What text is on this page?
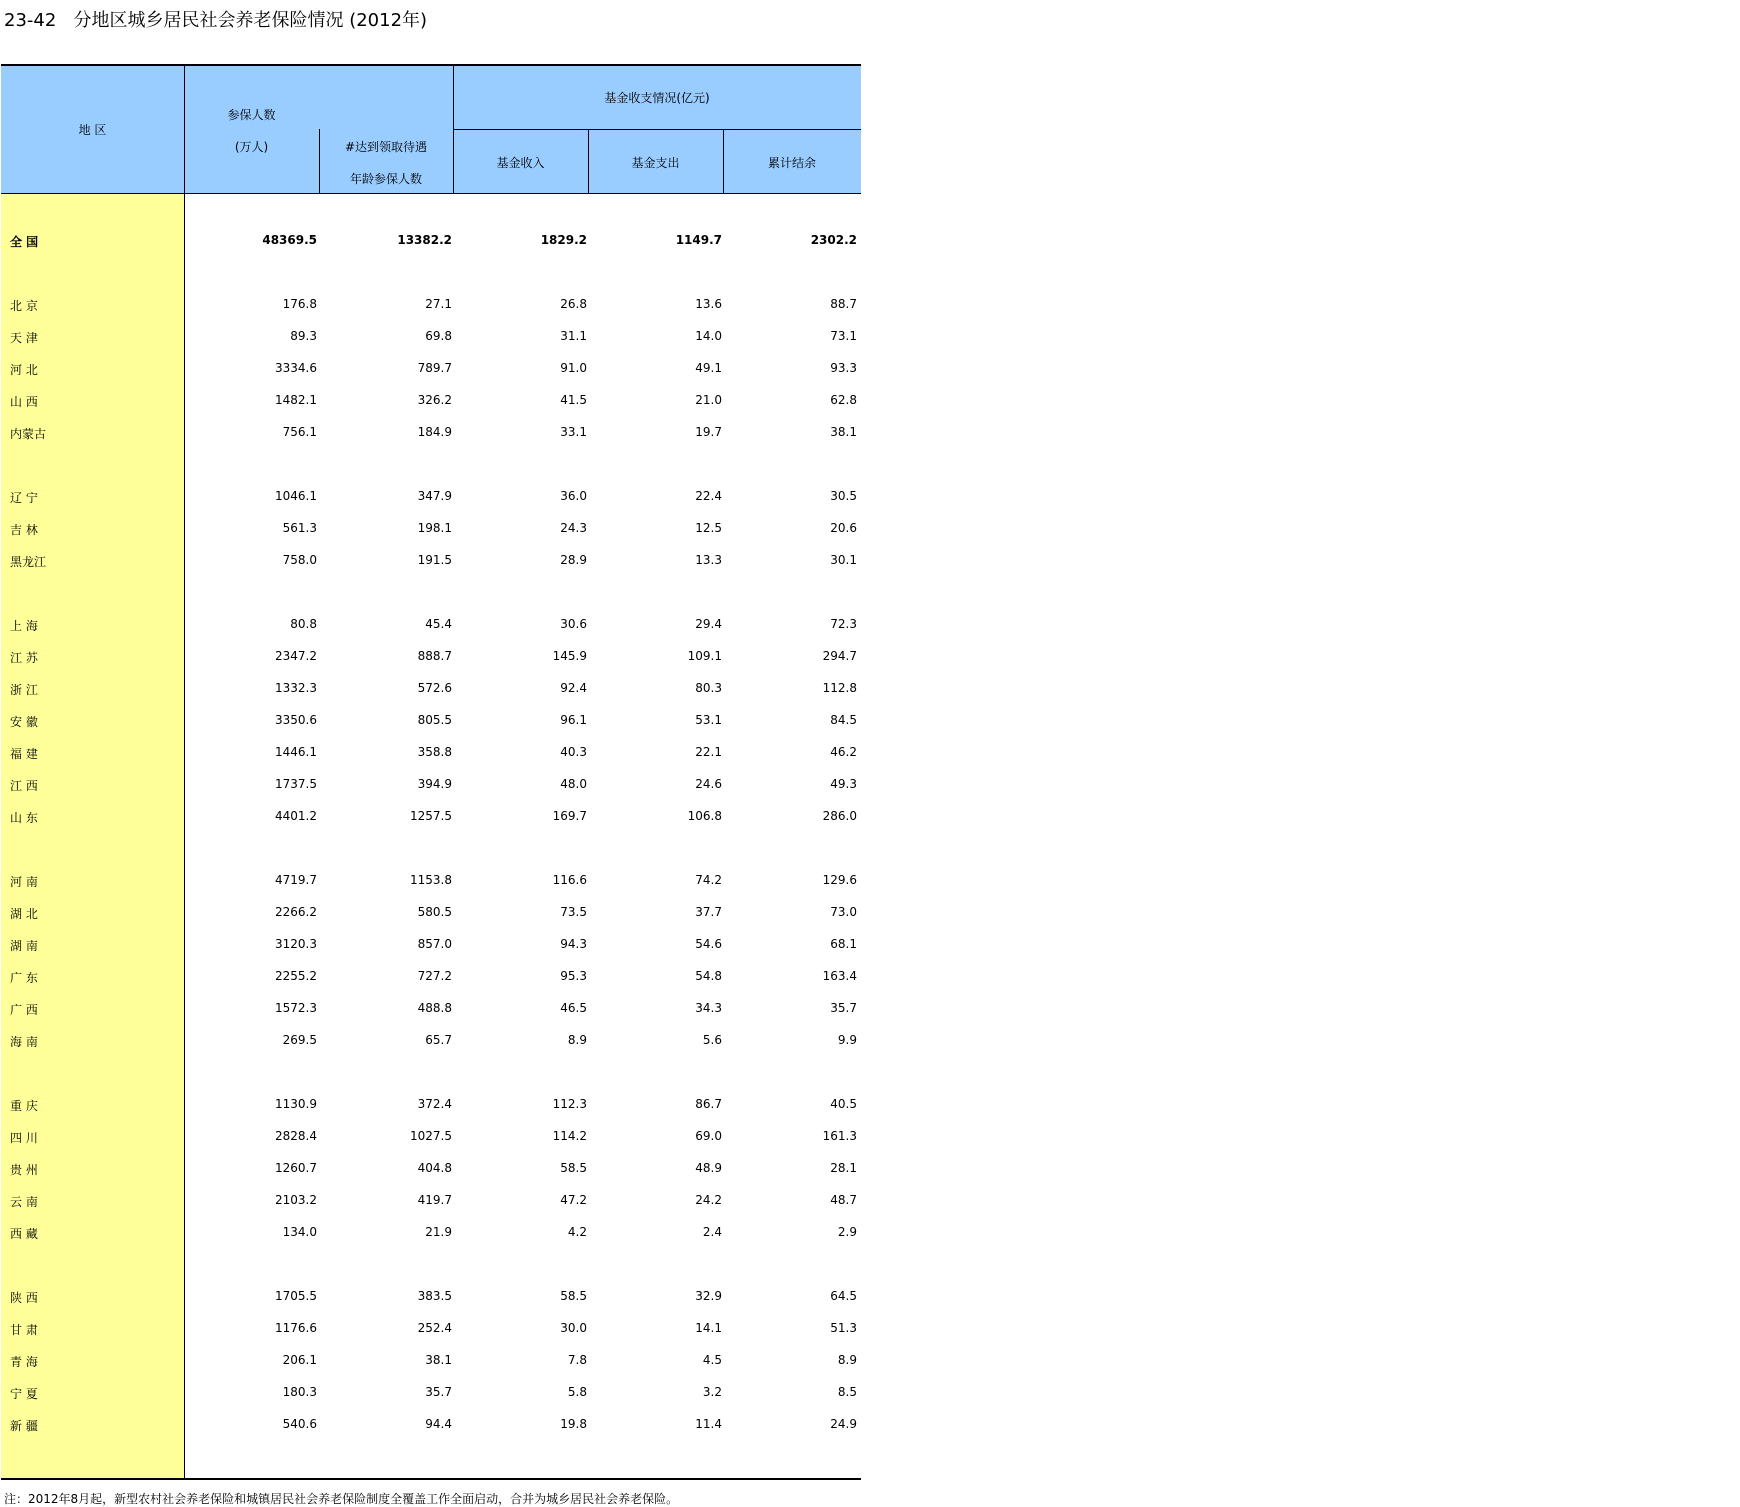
23-42   分地区城乡居民社会养老保险情况 (2012年)
地 区
参保人数
(万人)	#达到领取待遇
年龄参保人数
基金收支情况(亿元)
基金收入	基金支出	累计结余
全 国	48369.5	13382.2	1829.2	1149.7	2302.2
北 京	176.8	27.1	26.8	13.6	88.7
天 津	89.3	69.8	31.1	14.0	73.1
河 北	3334.6	789.7	91.0	49.1	93.3
山 西	1482.1	326.2	41.5	21.0	62.8
内蒙古	756.1	184.9	33.1	19.7	38.1
辽 宁	1046.1	347.9	36.0	22.4	30.5
吉 林	561.3	198.1	24.3	12.5	20.6
黑龙江	758.0	191.5	28.9	13.3	30.1
上 海	80.8	45.4	30.6	29.4	72.3
江 苏	2347.2	888.7	145.9	109.1	294.7
浙 江	1332.3	572.6	92.4	80.3	112.8
安 徽	3350.6	805.5	96.1	53.1	84.5
福 建	1446.1	358.8	40.3	22.1	46.2
江 西	1737.5	394.9	48.0	24.6	49.3
山 东	4401.2	1257.5	169.7	106.8	286.0
河 南	4719.7	1153.8	116.6	74.2	129.6
湖 北	2266.2	580.5	73.5	37.7	73.0
湖 南	3120.3	857.0	94.3	54.6	68.1
广 东	2255.2	727.2	95.3	54.8	163.4
广 西	1572.3	488.8	46.5	34.3	35.7
海 南	269.5	65.7	8.9	5.6	9.9
重 庆	1130.9	372.4	112.3	86.7	40.5
四 川	2828.4	1027.5	114.2	69.0	161.3
贵 州	1260.7	404.8	58.5	48.9	28.1
云 南	2103.2	419.7	47.2	24.2	48.7
西 藏	134.0	21.9	4.2	2.4	2.9
陕 西	1705.5	383.5	58.5	32.9	64.5
甘 肃	1176.6	252.4	30.0	14.1	51.3
青 海	206.1	38.1	7.8	4.5	8.9
宁 夏	180.3	35.7	5.8	3.2	8.5
新 疆	540.6	94.4	19.8	11.4	24.9
注：2012年8月起，新型农村社会养老保险和城镇居民社会养老保险制度全覆盖工作全面启动，合并为城乡居民社会养老保险。
